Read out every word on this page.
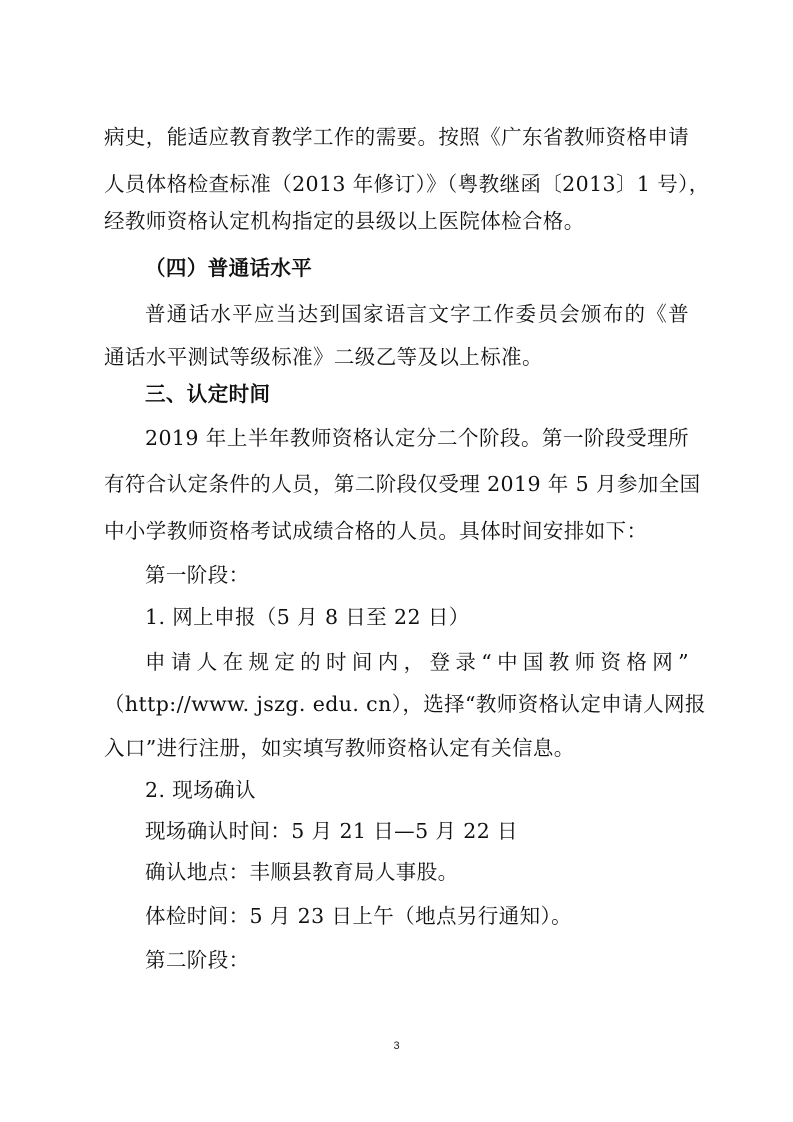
病史，能适应教育教学工作的需要。按照《广东省教师资格申请
人员体格检查标准（2013 年修订）》（粤教继函〔2013〕1 号），
经教师资格认定机构指定的县级以上医院体检合格。
（四）普通话水平
普通话水平应当达到国家语言文字工作委员会颁布的《普
通话水平测试等级标准》二级乙等及以上标准。
三、认定时间
2019 年上半年教师资格认定分二个阶段。第一阶段受理所
有符合认定条件的人员，第二阶段仅受理 2019 年 5 月参加全国
中小学教师资格考试成绩合格的人员。具体时间安排如下：
第一阶段：
1. 网上申报（5 月 8 日至 22 日）
申请人在规定的时间内，登录“中国教师资格网”
（http://www. jszg. edu. cn），选择“教师资格认定申请人网报
入口”进行注册，如实填写教师资格认定有关信息。
2. 现场确认
现场确认时间：5 月 21 日—5 月 22 日
确认地点：丰顺县教育局人事股。
体检时间：5 月 23 日上午（地点另行通知）。
第二阶段：
3
